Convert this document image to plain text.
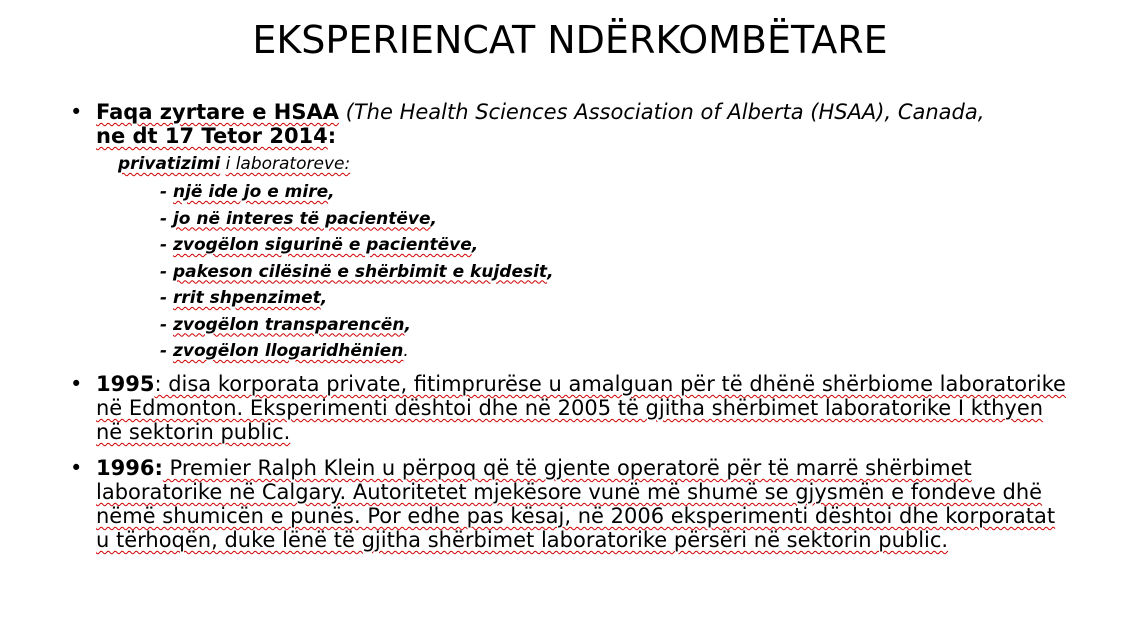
EKSPERIENCAT NDËRKOMBËTARE
• Faqa zyrtare e HSAA (The Health Sciences Association of Alberta (HSAA), Canada,
ne dt 17 Tetor 2014:
privatizimi i laboratoreve:
- një ide jo e mire,
- jo në interes të pacientëve,
- zvogëlon sigurinë e pacientëve,
- pakeson cilësinë e shërbimit e kujdesit,
- rrit shpenzimet,
- zvogëlon transparencën,
- zvogëlon llogaridhënien.
• 1995: disa korporata private, fitimprurëse u amalguan për të dhënë shërbiome laboratorike në Edmonton. Eksperimenti dështoi dhe në 2005 të gjitha shërbimet laboratorike I kthyen në sektorin public.
• 1996: Premier Ralph Klein u përpoq që të gjente operatorë për të marrë shërbimet laboratorike në Calgary. Autoritetet mjekësore vunë më shumë se gjysmën e fondeve dhë nëmë shumicën e punës. Por edhe pas kësaj, në 2006 eksperimenti dështoi dhe korporatat u tërhoqën, duke lënë të gjitha shërbimet laboratorike përsëri në sektorin public.
